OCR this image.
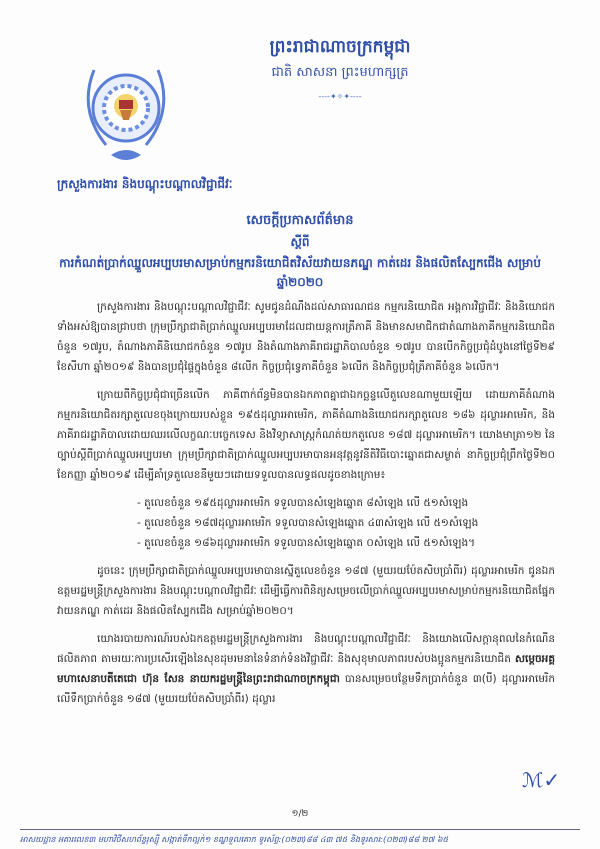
ព្រះរាជាណាចក្រកម្ពុជា
ជាតិ សាសនា ព្រះមហាក្សត្រ
----✦✧✦----
ក្រសួងការងារ និងបណ្តុះបណ្តាលវិជ្ជាជីវៈ
សេចក្តីប្រកាសព័ត៌មាន
ស្តីពី
ការកំណត់ប្រាក់ឈ្នួលអប្បបរមាសម្រាប់កម្មករនិយោជិតវិស័យវាយនភណ្ឌ កាត់ដេរ និងផលិតស្បែកជើង សម្រាប់ឆ្នាំ២០២០

ក្រសួងការងារ និងបណ្តុះបណ្តាលវិជ្ជាជីវៈ សូមជូនដំណឹងដល់សាធារណជន កម្មករនិយោជិត អង្គការវិជ្ជាជីវៈ និងនិយោជកទាំងអស់ឱ្យបានជ្រាបថា ក្រុមប្រឹក្សាជាតិប្រាក់ឈ្នួលអប្បបរមាដែលជាយន្តការត្រីភាគី និងមានសមាជិកជាតំណាងភាគីកម្មករនិយោជិតចំនួន ១៧រូប, តំណាងភាគីនិយោជកចំនួន ១៧រូប និងតំណាងភាគីរាជរដ្ឋាភិបាលចំនួន ១៧រូប បានបើកកិច្ចប្រជុំដំបូងនៅថ្ងៃទី២៩ ខែសីហា ឆ្នាំ២០១៩ និងបានប្រជុំផ្ទៃក្នុងចំនួន ៨លើក កិច្ចប្រជុំទ្វេភាគីចំនួន ៦លើក និងកិច្ចប្រជុំត្រីភាគីចំនួន ៦លើក។

ក្រោយពីកិច្ចប្រជុំជាច្រើនលើក ភាគីពាក់ព័ន្ធមិនបានឯកភាពគ្នាជាឯកច្ឆន្ទលើតួលេខណាមួយឡើយ ដោយភាគីតំណាងកម្មករនិយោជិតរក្សាតួលេខចុងក្រោយរបស់ខ្លួន ១៩៥ដុល្លារអាមេរិក, ភាគីតំណាងនិយោជករក្សាតួលេខ ១៨៦ ដុល្លារអាមេរិក, និងភាគីរាជរដ្ឋាភិបាលដោយឈរលើលក្ខណៈបច្ចេកទេស និងវិទ្យាសាស្ត្រកំណត់យកតួលេខ ១៨៧ ដុល្លារអាមេរិក។ យោងមាត្រា១២ នៃច្បាប់ស្តីពីប្រាក់ឈ្នួលអប្បបរមា ក្រុមប្រឹក្សាជាតិប្រាក់ឈ្នួលអប្បបរមាបានអនុវត្តនូវនីតិវិធីបោះឆ្នោតជាសម្ងាត់ នាកិច្ចប្រជុំព្រឹកថ្ងៃទី២០ ខែកញ្ញា ឆ្នាំ២០១៩ ដើម្បីគាំទ្រតួលេខនីមួយៗដោយទទួលបានលទ្ធផលដូចខាងក្រោម៖

- តួលេខចំនួន ១៩៥ដុល្លារអាមេរិក ទទួលបានសំឡេងឆ្នោត ៨សំឡេង លើ ៥១សំឡេង
- តួលេខចំនួន ១៨៧ដុល្លារអាមេរិក ទទួលបានសំឡេងឆ្នោត ៤៣សំឡេង លើ ៥១សំឡេង
- តួលេខចំនួន ១៨៦ដុល្លារអាមេរិក ទទួលបានសំឡេងឆ្នោត ០សំឡេង លើ ៥១សំឡេង។

ដូចនេះ ក្រុមប្រឹក្សាជាតិប្រាក់ឈ្នួលអប្បបរមាបានស្នើតួលេខចំនួន ១៨៧ (មួយរយប៉ែតសិបប្រាំពីរ) ដុល្លារអាមេរិក ជូនឯកឧត្តមរដ្ឋមន្ត្រីក្រសួងការងារ និងបណ្តុះបណ្តាលវិជ្ជាជីវៈ ដើម្បីធ្វើការពិនិត្យសម្រេចលើប្រាក់ឈ្នួលអប្បបរមាសម្រាប់កម្មករនិយោជិតផ្នែកវាយនភណ្ឌ កាត់ដេរ និងផលិតស្បែកជើង សម្រាប់ឆ្នាំ២០២០។

យោងរបាយការណ៍របស់ឯកឧត្តមរដ្ឋមន្ត្រីក្រសួងការងារ និងបណ្តុះបណ្តាលវិជ្ជាជីវៈ និងយោងលើសក្តានុពលនៃកំណើនផលិតភាព តាមរយៈការប្រសើរឡើងនៃសុខដុមរមនានៃទំនាក់ទំនងវិជ្ជាជីវៈ និងសុខុមាលភាពរបស់បងប្អូនកម្មករនិយោជិត សម្តេចអគ្គមហាសេនាបតីតេជោ ហ៊ុន សែន នាយករដ្ឋមន្ត្រីនៃព្រះរាជាណាចក្រកម្ពុជា បានសម្រេចបន្ថែមទឹកប្រាក់ចំនួន ៣(បី) ដុល្លារអាមេរិក លើទឹកប្រាក់ចំនួន ១៨៧ (មួយរយប៉ែតសិបប្រាំពីរ) ដុល្លារ

ℳ✓
១/២
អាសយដ្ឋាន អគារលេខ៣ មហាវិថីសហព័ន្ធរុស្ស៊ី សង្កាត់ទឹកល្អក់១ ខណ្ឌទួលគោក ទូរស័ព្ទ:(០២៣)៨៨ ៤៣ ៧៥ និងទូរសារ:(០២៣)៨៨ ២៧ ៦៥
